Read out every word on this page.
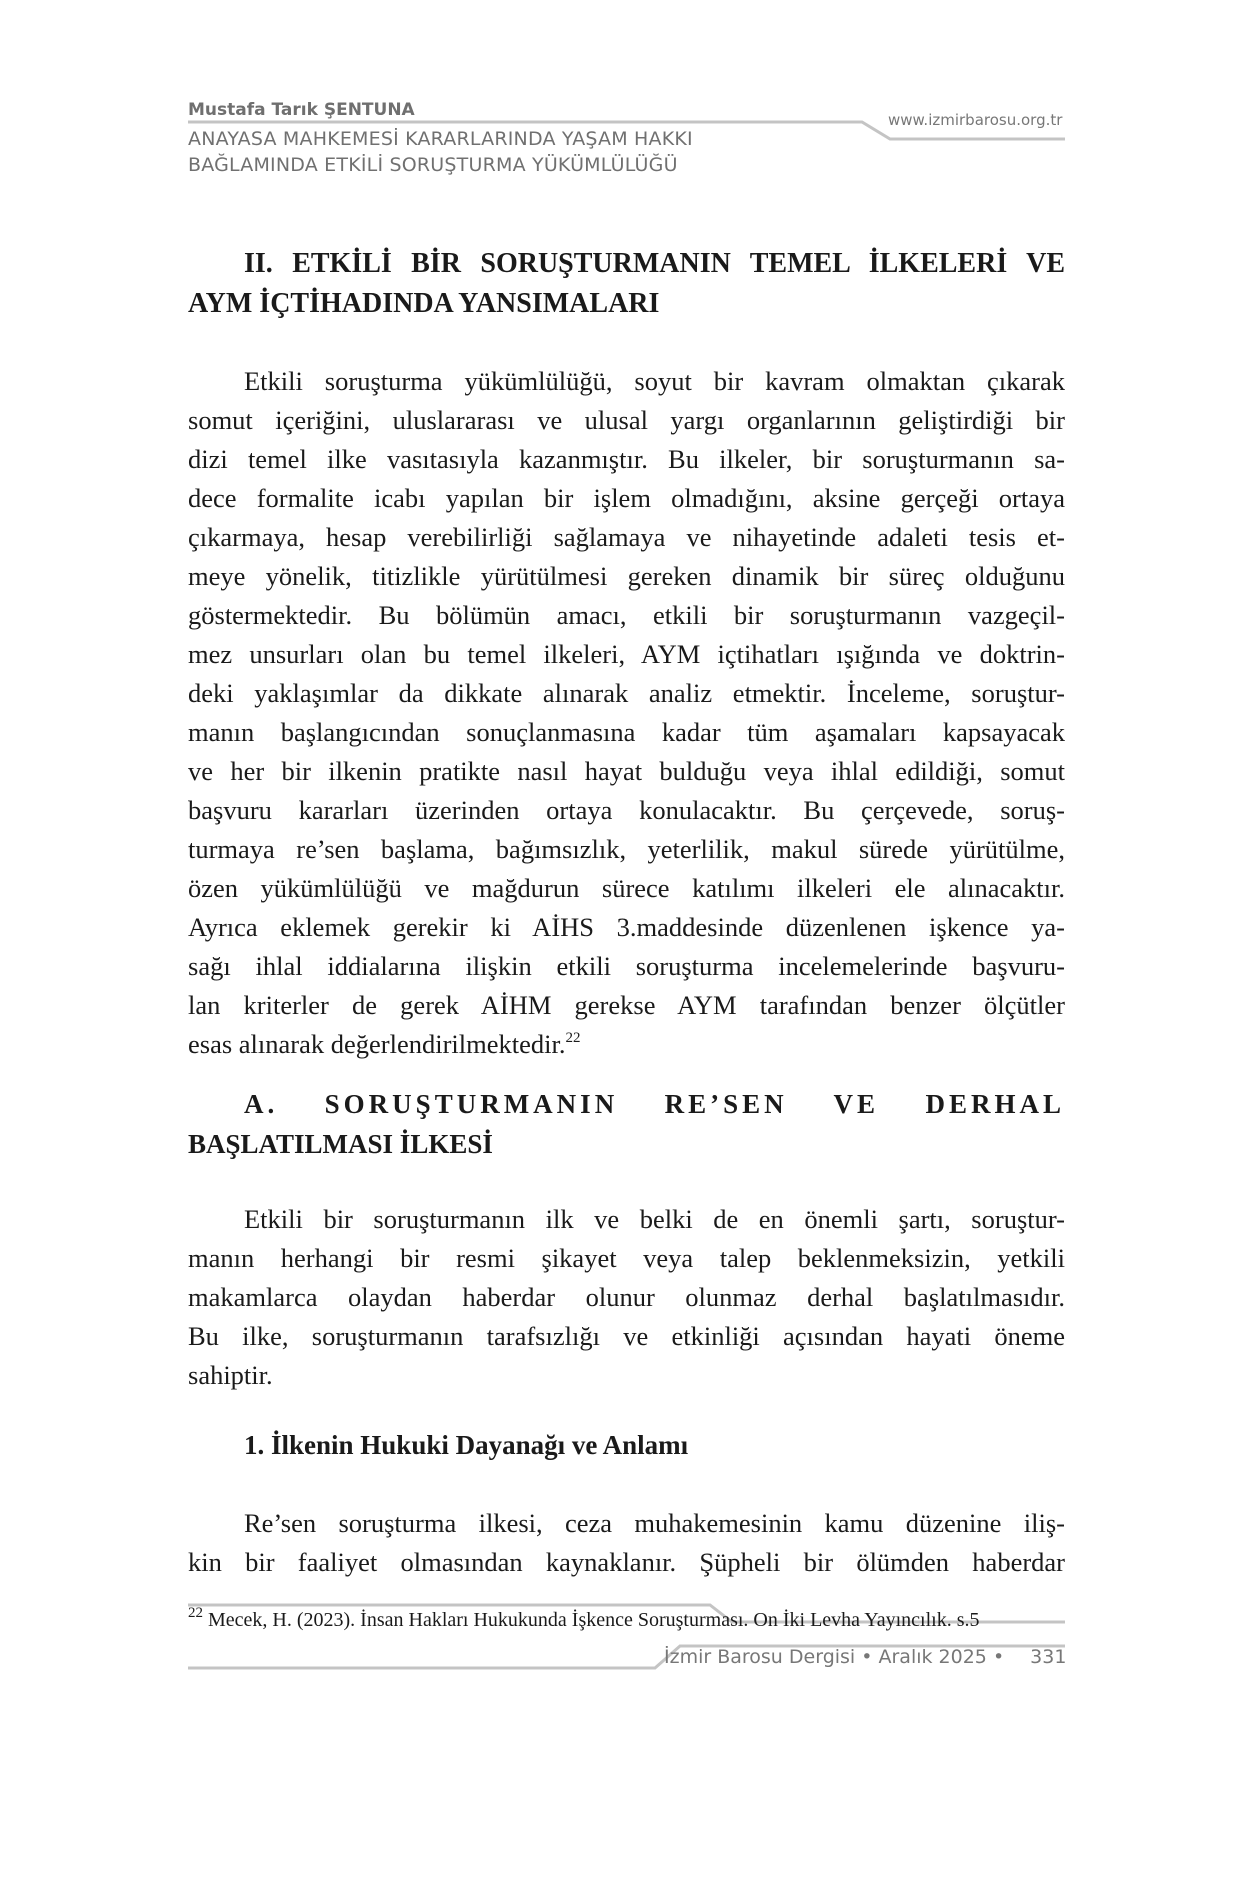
Mustafa Tarık ŞENTUNA
ANAYASA MAHKEMESİ KARARLARINDA YAŞAM HAKKI
BAĞLAMINDA ETKİLİ SORUŞTURMA YÜKÜMLÜLÜĞÜ
www.izmirbarosu.org.tr
II. ETKİLİ BİR SORUŞTURMANIN TEMEL İLKELERİ VE
AYM İÇTİHADINDA YANSIMALARI
Etkili soruşturma yükümlülüğü, soyut bir kavram olmaktan çıkarak
somut içeriğini, uluslararası ve ulusal yargı organlarının geliştirdiği bir
dizi temel ilke vasıtasıyla kazanmıştır. Bu ilkeler, bir soruşturmanın sa-
dece formalite icabı yapılan bir işlem olmadığını, aksine gerçeği ortaya
çıkarmaya, hesap verebilirliği sağlamaya ve nihayetinde adaleti tesis et-
meye yönelik, titizlikle yürütülmesi gereken dinamik bir süreç olduğunu
göstermektedir. Bu bölümün amacı, etkili bir soruşturmanın vazgeçil-
mez unsurları olan bu temel ilkeleri, AYM içtihatları ışığında ve doktrin-
deki yaklaşımlar da dikkate alınarak analiz etmektir. İnceleme, soruştur-
manın başlangıcından sonuçlanmasına kadar tüm aşamaları kapsayacak
ve her bir ilkenin pratikte nasıl hayat bulduğu veya ihlal edildiği, somut
başvuru kararları üzerinden ortaya konulacaktır. Bu çerçevede, soruş-
turmaya re’sen başlama, bağımsızlık, yeterlilik, makul sürede yürütülme,
özen yükümlülüğü ve mağdurun sürece katılımı ilkeleri ele alınacaktır.
Ayrıca eklemek gerekir ki AİHS 3.maddesinde düzenlenen işkence ya-
sağı ihlal iddialarına ilişkin etkili soruşturma incelemelerinde başvuru-
lan kriterler de gerek AİHM gerekse AYM tarafından benzer ölçütler
esas alınarak değerlendirilmektedir.$^{22}$
A. SORUŞTURMANIN RE’SEN VE DERHAL
BAŞLATILMASI İLKESİ
Etkili bir soruşturmanın ilk ve belki de en önemli şartı, soruştur-
manın herhangi bir resmi şikayet veya talep beklenmeksizin, yetkili
makamlarca olaydan haberdar olunur olunmaz derhal başlatılmasıdır.
Bu ilke, soruşturmanın tarafsızlığı ve etkinliği açısından hayati öneme
sahiptir.
1. İlkenin Hukuki Dayanağı ve Anlamı
Re’sen soruşturma ilkesi, ceza muhakemesinin kamu düzenine iliş-
kin bir faaliyet olmasından kaynaklanır. Şüpheli bir ölümden haberdar
$^{22}$ Mecek, H. (2023). İnsan Hakları Hukukunda İşkence Soruşturması. On İki Levha Yayıncılık. s.5
İzmir Barosu Dergisi • Aralık 2025 • 331
